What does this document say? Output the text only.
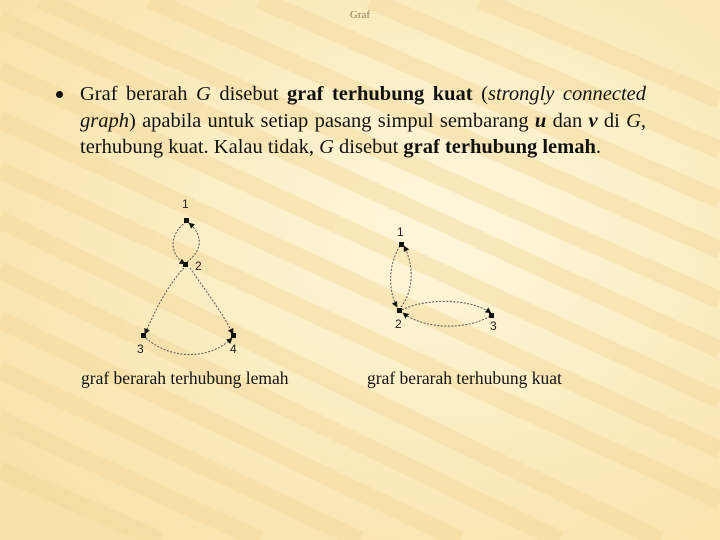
Graf
Graf berarah G disebut graf terhubung kuat (strongly connected graph) apabila untuk setiap pasang simpul sembarang u dan v di G, terhubung kuat. Kalau tidak, G disebut graf terhubung lemah.
1
2
3	4
1
2	3
graf berarah terhubung lemah	graf berarah terhubung kuat
